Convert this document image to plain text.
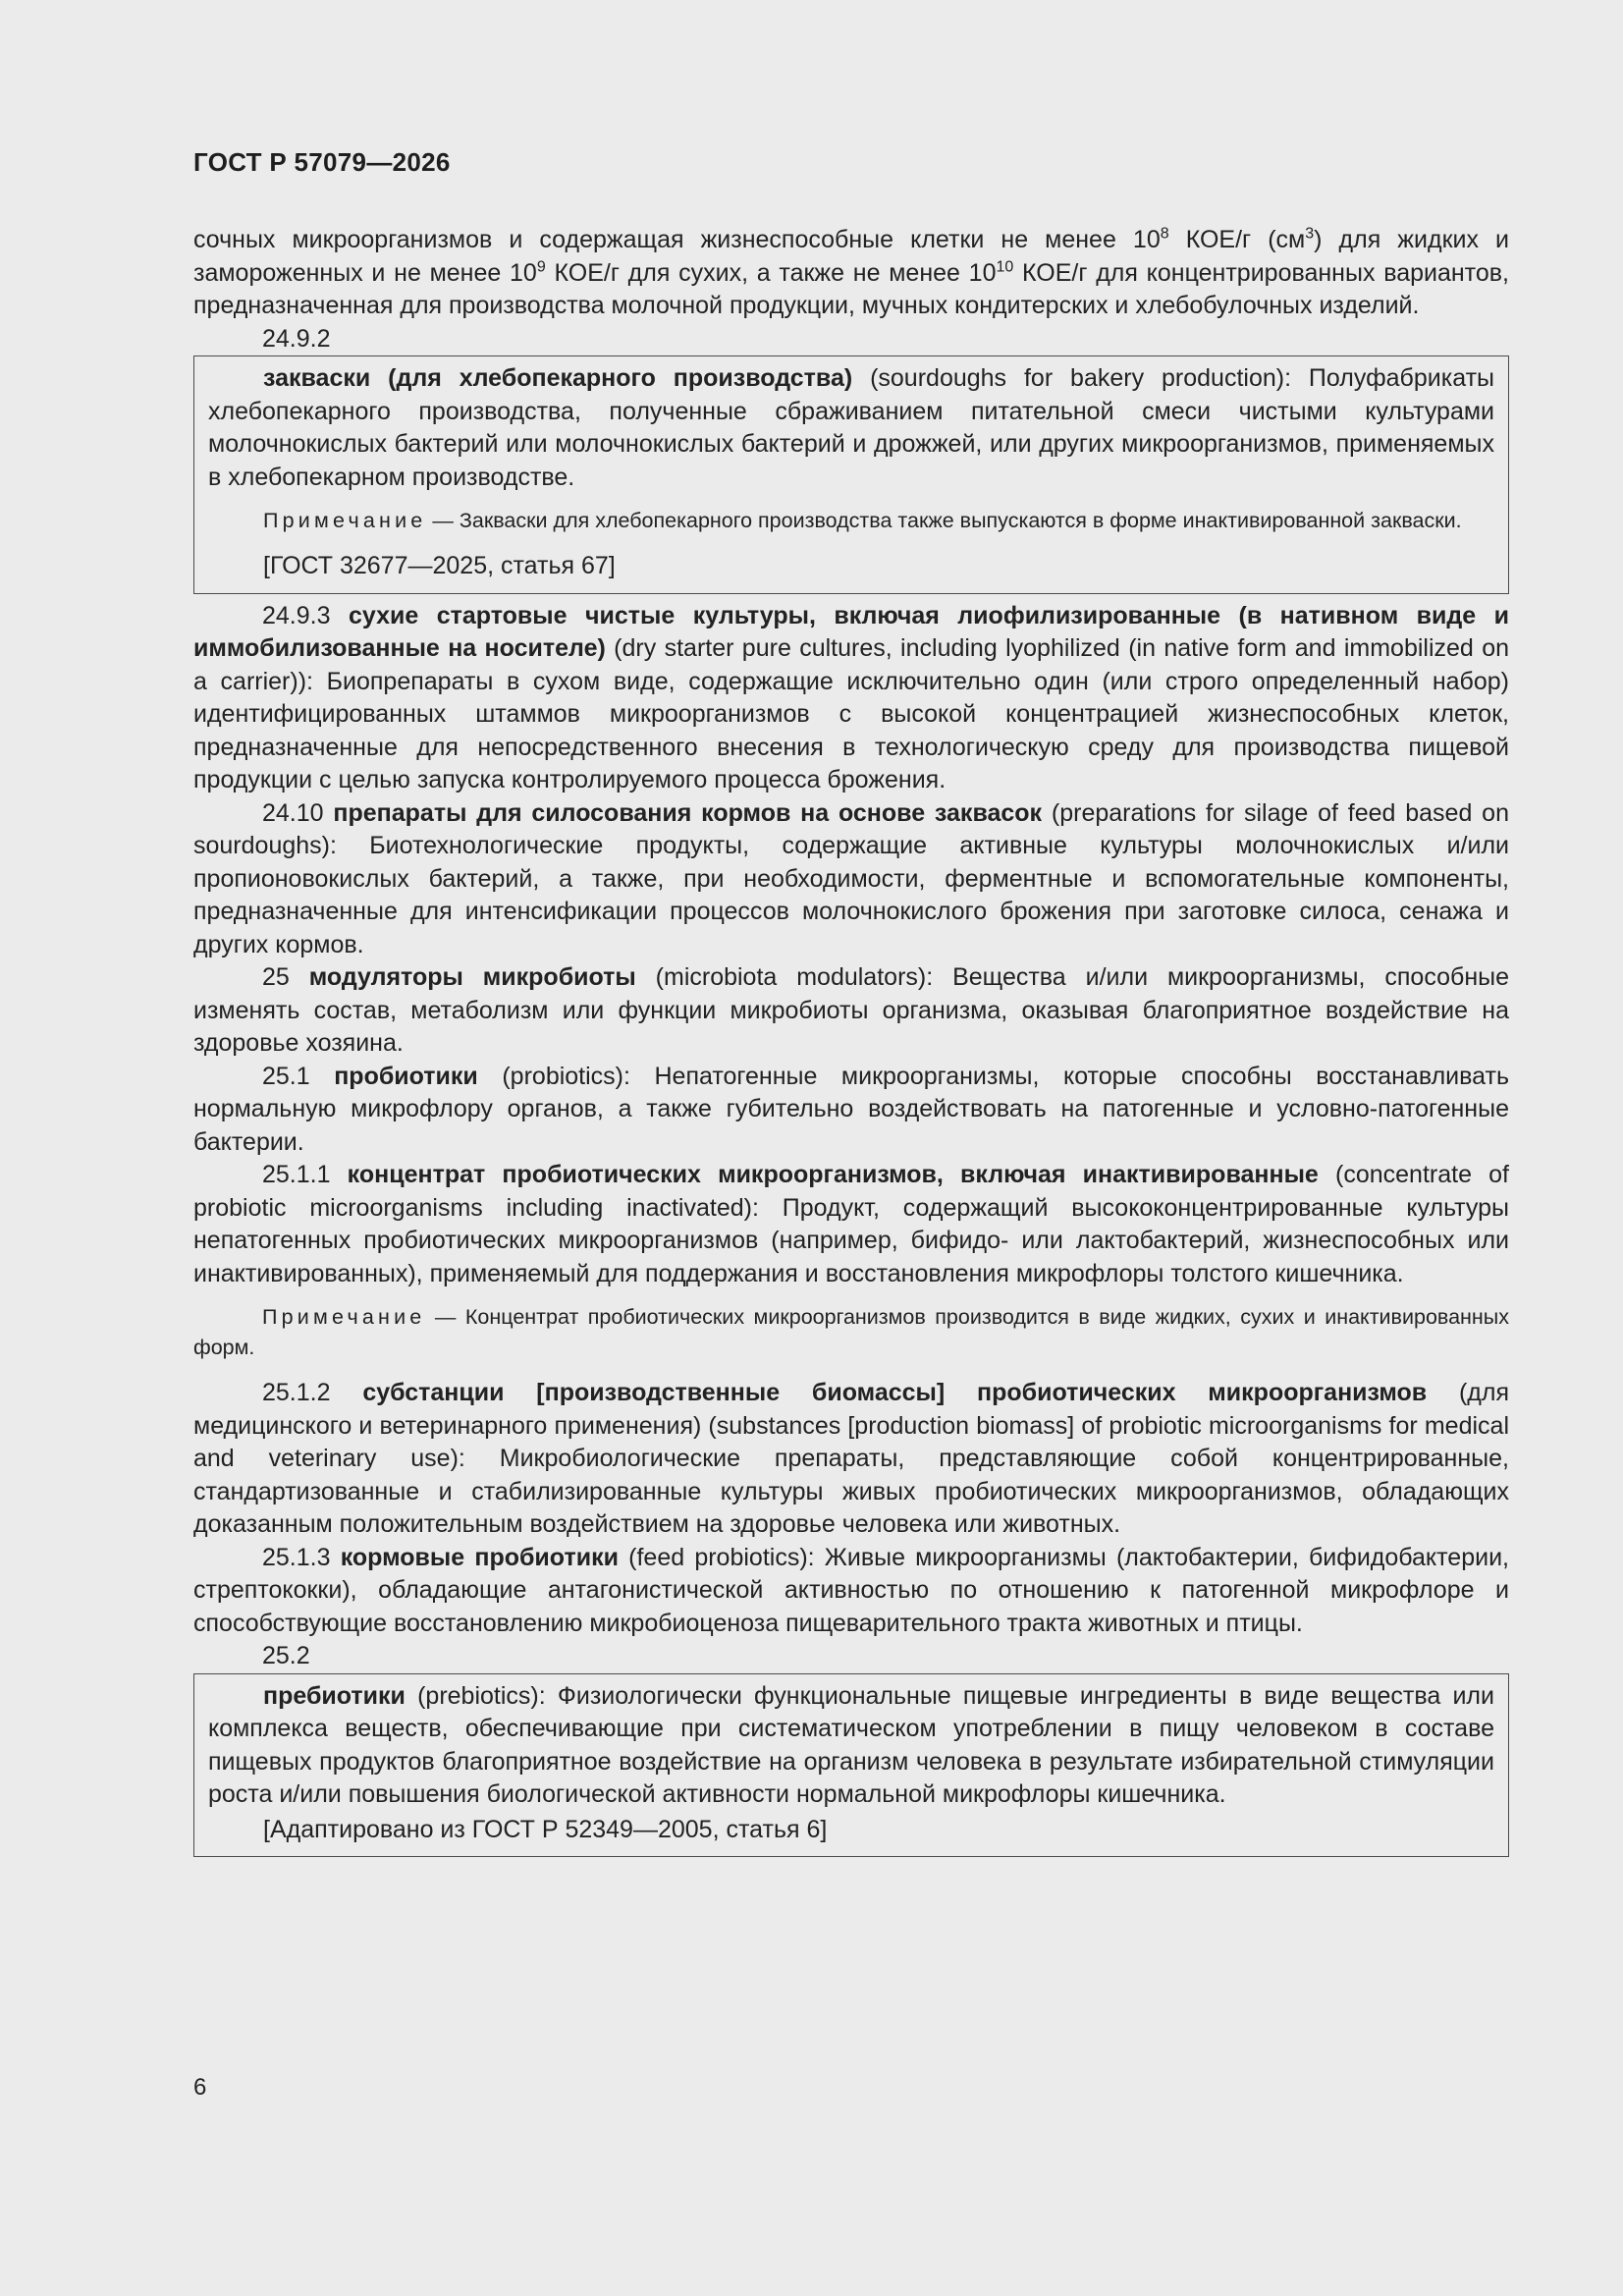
ГОСТ Р 57079—2026

сочных микроорганизмов и содержащая жизнеспособные клетки не менее $10^8$ КОЕ/г $(см^3)$ для жидких и замороженных и не менее $10^9$ КОЕ/г для сухих, а также не менее $10^{10}$ КОЕ/г для концентрированных вариантов, предназначенная для производства молочной продукции, мучных кондитерских и хлебобулочных изделий.

24.9.2

закваски (для хлебопекарного производства) (sourdoughs for bakery production): Полуфабрикаты хлебопекарного производства, полученные сбраживанием питательной смеси чистыми культурами молочнокислых бактерий или молочнокислых бактерий и дрожжей, или других микроорганизмов, применяемых в хлебопекарном производстве.

Примечание — Закваски для хлебопекарного производства также выпускаются в форме инактивированной закваски.

[ГОСТ 32677—2025, статья 67]

24.9.3 сухие стартовые чистые культуры, включая лиофилизированные (в нативном виде и иммобилизованные на носителе) (dry starter pure cultures, including lyophilized (in native form and immobilized on a carrier)): Биопрепараты в сухом виде, содержащие исключительно один (или строго определенный набор) идентифицированных штаммов микроорганизмов с высокой концентрацией жизнеспособных клеток, предназначенные для непосредственного внесения в технологическую среду для производства пищевой продукции с целью запуска контролируемого процесса брожения.

24.10 препараты для силосования кормов на основе заквасок (preparations for silage of feed based on sourdoughs): Биотехнологические продукты, содержащие активные культуры молочнокислых и/или пропионовокислых бактерий, а также, при необходимости, ферментные и вспомогательные компоненты, предназначенные для интенсификации процессов молочнокислого брожения при заготовке силоса, сенажа и других кормов.

25 модуляторы микробиоты (microbiota modulators): Вещества и/или микроорганизмы, способные изменять состав, метаболизм или функции микробиоты организма, оказывая благоприятное воздействие на здоровье хозяина.

25.1 пробиотики (probiotics): Непатогенные микроорганизмы, которые способны восстанавливать нормальную микрофлору органов, а также губительно воздействовать на патогенные и условно-патогенные бактерии.

25.1.1 концентрат пробиотических микроорганизмов, включая инактивированные (concentrate of probiotic microorganisms including inactivated): Продукт, содержащий высококонцентрированные культуры непатогенных пробиотических микроорганизмов (например, бифидо- или лактобактерий, жизнеспособных или инактивированных), применяемый для поддержания и восстановления микрофлоры толстого кишечника.

Примечание — Концентрат пробиотических микроорганизмов производится в виде жидких, сухих и инактивированных форм.

25.1.2 субстанции [производственные биомассы] пробиотических микроорганизмов (для медицинского и ветеринарного применения) (substances [production biomass] of probiotic microorganisms for medical and veterinary use): Микробиологические препараты, представляющие собой концентрированные, стандартизованные и стабилизированные культуры живых пробиотических микроорганизмов, обладающих доказанным положительным воздействием на здоровье человека или животных.

25.1.3 кормовые пробиотики (feed probiotics): Живые микроорганизмы (лактобактерии, бифидобактерии, стрептококки), обладающие антагонистической активностью по отношению к патогенной микрофлоре и способствующие восстановлению микробиоценоза пищеварительного тракта животных и птицы.

25.2

пребиотики (prebiotics): Физиологически функциональные пищевые ингредиенты в виде вещества или комплекса веществ, обеспечивающие при систематическом употреблении в пищу человеком в составе пищевых продуктов благоприятное воздействие на организм человека в результате избирательной стимуляции роста и/или повышения биологической активности нормальной микрофлоры кишечника.

[Адаптировано из ГОСТ Р 52349—2005, статья 6]

6
